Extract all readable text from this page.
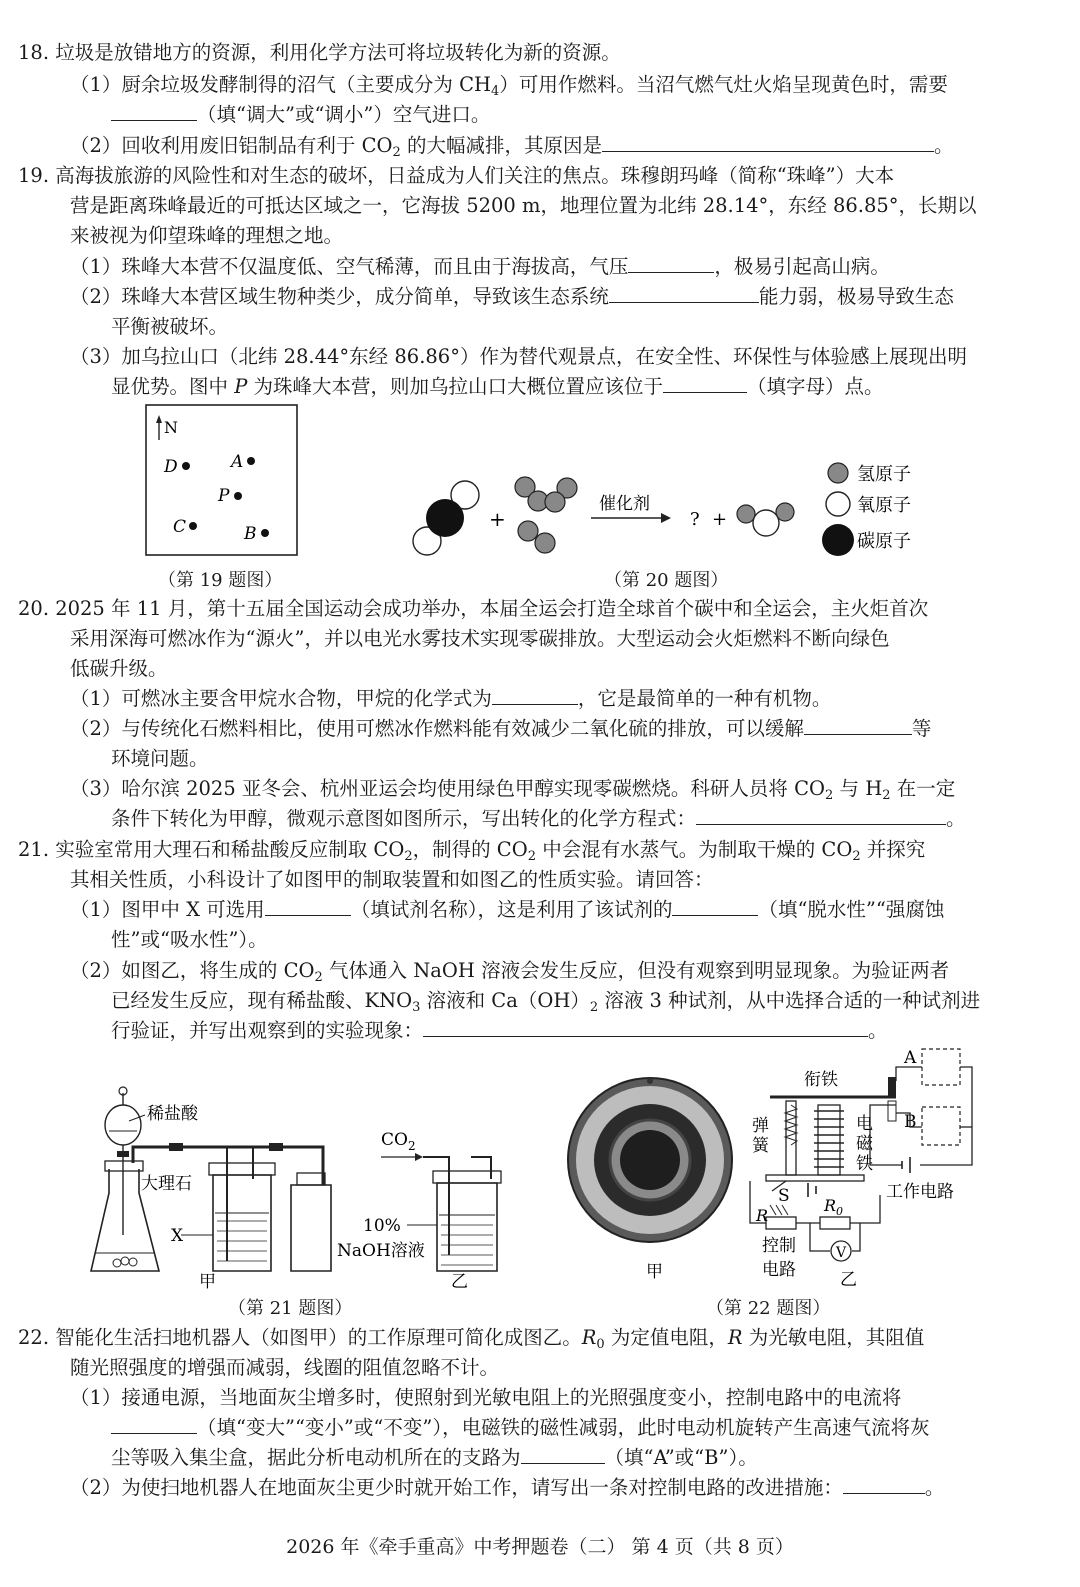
18. 垃圾是放错地方的资源，利用化学方法可将垃圾转化为新的资源。
（1）厨余垃圾发酵制得的沼气（主要成分为 $CH_4$）可用作燃料。当沼气燃气灶火焰呈现黄色时，需要
（填“调大”或“调小”）空气进口。
（2）回收利用废旧铝制品有利于 $CO_2$ 的大幅减排，其原因是	。
19. 高海拔旅游的风险性和对生态的破坏，日益成为人们关注的焦点。珠穆朗玛峰（简称“珠峰”）大本
营是距离珠峰最近的可抵达区域之一，它海拔 5200 m，地理位置为北纬 28.14°，东经 86.85°，长期以
来被视为仰望珠峰的理想之地。
（1）珠峰大本营不仅温度低、空气稀薄，而且由于海拔高，气压	，极易引起高山病。
（2）珠峰大本营区域生物种类少，成分简单，导致该生态系统	能力弱，极易导致生态
平衡被破坏。
（3）加乌拉山口（北纬 28.44°东经 86.86°）作为替代观景点，在安全性、环保性与体验感上展现出明
显优势。图中 P 为珠峰大本营，则加乌拉山口大概位置应该位于	（填字母）点。
N
D	A
P
C	B
（第 19 题图）
+
催化剂
? +
氢原子
氧原子
碳原子
（第 20 题图）
20. 2025 年 11 月，第十五届全国运动会成功举办，本届全运会打造全球首个碳中和全运会，主火炬首次
采用深海可燃冰作为“源火”，并以电光水雾技术实现零碳排放。大型运动会火炬燃料不断向绿色
低碳升级。
（1）可燃冰主要含甲烷水合物，甲烷的化学式为	，它是最简单的一种有机物。
（2）与传统化石燃料相比，使用可燃冰作燃料能有效减少二氧化硫的排放，可以缓解	等
环境问题。
（3）哈尔滨 2025 亚冬会、杭州亚运会均使用绿色甲醇实现零碳燃烧。科研人员将 $CO_2$ 与 $H_2$ 在一定
条件下转化为甲醇，微观示意图如图所示，写出转化的化学方程式：	。
21. 实验室常用大理石和稀盐酸反应制取 $CO_2$，制得的 $CO_2$ 中会混有水蒸气。为制取干燥的 $CO_2$ 并探究
其相关性质，小科设计了如图甲的制取装置和如图乙的性质实验。请回答：
（1）图甲中 X 可选用	（填试剂名称），这是利用了该试剂的	（填“脱水性”“强腐蚀
性”或“吸水性”）。
（2）如图乙，将生成的 $CO_2$ 气体通入 NaOH 溶液会发生反应，但没有观察到明显现象。为验证两者
已经发生反应，现有稀盐酸、$KNO_3$ 溶液和 $Ca(OH)_2$ 溶液 3 种试剂，从中选择合适的一种试剂进
行验证，并写出观察到的实验现象：	。
稀盐酸
大理石
X
甲
$CO_2$
10%
NaOH溶液
乙
（第 21 题图）
甲
衔铁
弹
簧
电
磁
铁
A
B
工作电路
S
R
$R_0$
V
控制
电路	乙
（第 22 题图）
22. 智能化生活扫地机器人（如图甲）的工作原理可简化成图乙。$R_0$ 为定值电阻，R 为光敏电阻，其阻值
随光照强度的增强而减弱，线圈的阻值忽略不计。
（1）接通电源，当地面灰尘增多时，使照射到光敏电阻上的光照强度变小，控制电路中的电流将
（填“变大”“变小”或“不变”），电磁铁的磁性减弱，此时电动机旋转产生高速气流将灰
尘等吸入集尘盒，据此分析电动机所在的支路为	（填“A”或“B”）。
（2）为使扫地机器人在地面灰尘更少时就开始工作，请写出一条对控制电路的改进措施：	。
2026 年《牵手重高》中考押题卷（二） 第 4 页（共 8 页）
